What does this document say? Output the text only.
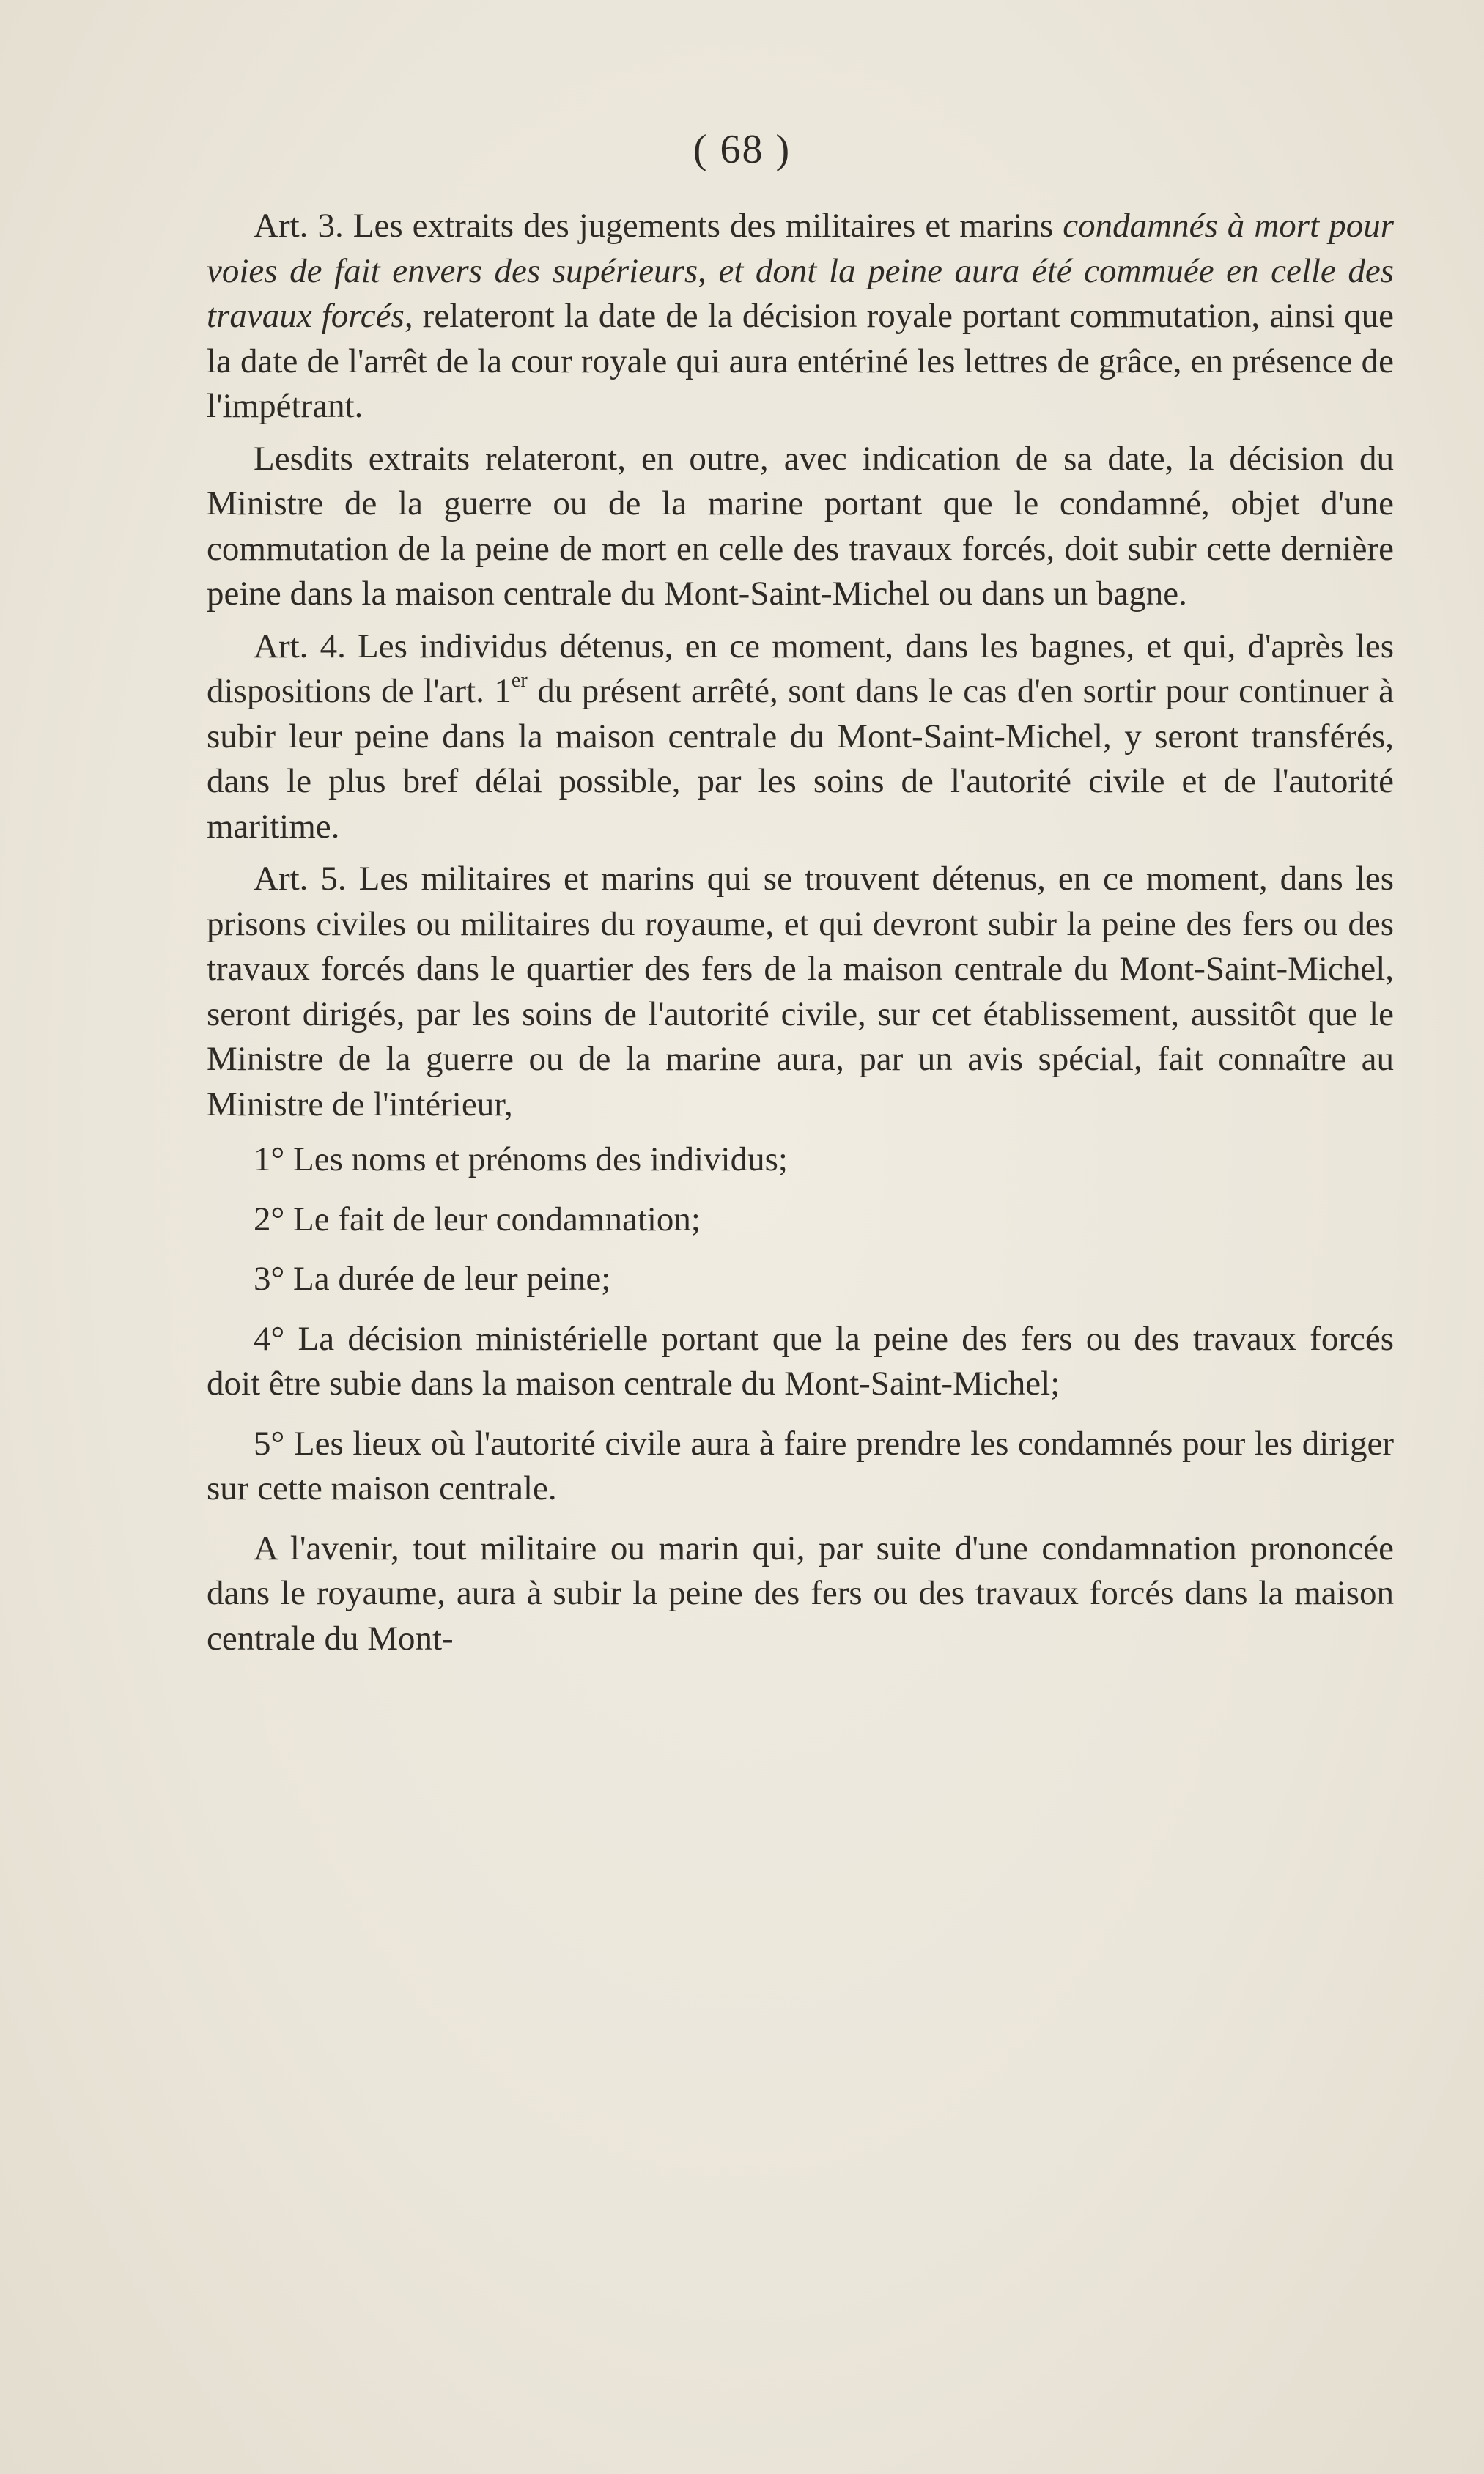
( 68 )

Art. 3. Les extraits des jugements des militaires et marins condamnés à mort pour voies de fait envers des supérieurs, et dont la peine aura été commuée en celle des travaux forcés, relateront la date de la décision royale portant commutation, ainsi que la date de l'arrêt de la cour royale qui aura entériné les lettres de grâce, en présence de l'impétrant.

Lesdits extraits relateront, en outre, avec indication de sa date, la décision du Ministre de la guerre ou de la marine portant que le condamné, objet d'une commutation de la peine de mort en celle des travaux forcés, doit subir cette dernière peine dans la maison centrale du Mont-Saint-Michel ou dans un bagne.

Art. 4. Les individus détenus, en ce moment, dans les bagnes, et qui, d'après les dispositions de l'art. 1er du présent arrêté, sont dans le cas d'en sortir pour continuer à subir leur peine dans la maison centrale du Mont-Saint-Michel, y seront transférés, dans le plus bref délai possible, par les soins de l'autorité civile et de l'autorité maritime.

Art. 5. Les militaires et marins qui se trouvent détenus, en ce moment, dans les prisons civiles ou militaires du royaume, et qui devront subir la peine des fers ou des travaux forcés dans le quartier des fers de la maison centrale du Mont-Saint-Michel, seront dirigés, par les soins de l'autorité civile, sur cet établissement, aussitôt que le Ministre de la guerre ou de la marine aura, par un avis spécial, fait connaître au Ministre de l'intérieur,

1° Les noms et prénoms des individus;

2° Le fait de leur condamnation;

3° La durée de leur peine;

4° La décision ministérielle portant que la peine des fers ou des travaux forcés doit être subie dans la maison centrale du Mont-Saint-Michel;

5° Les lieux où l'autorité civile aura à faire prendre les condamnés pour les diriger sur cette maison centrale.

A l'avenir, tout militaire ou marin qui, par suite d'une condamnation prononcée dans le royaume, aura à subir la peine des fers ou des travaux forcés dans la maison centrale du Mont-
